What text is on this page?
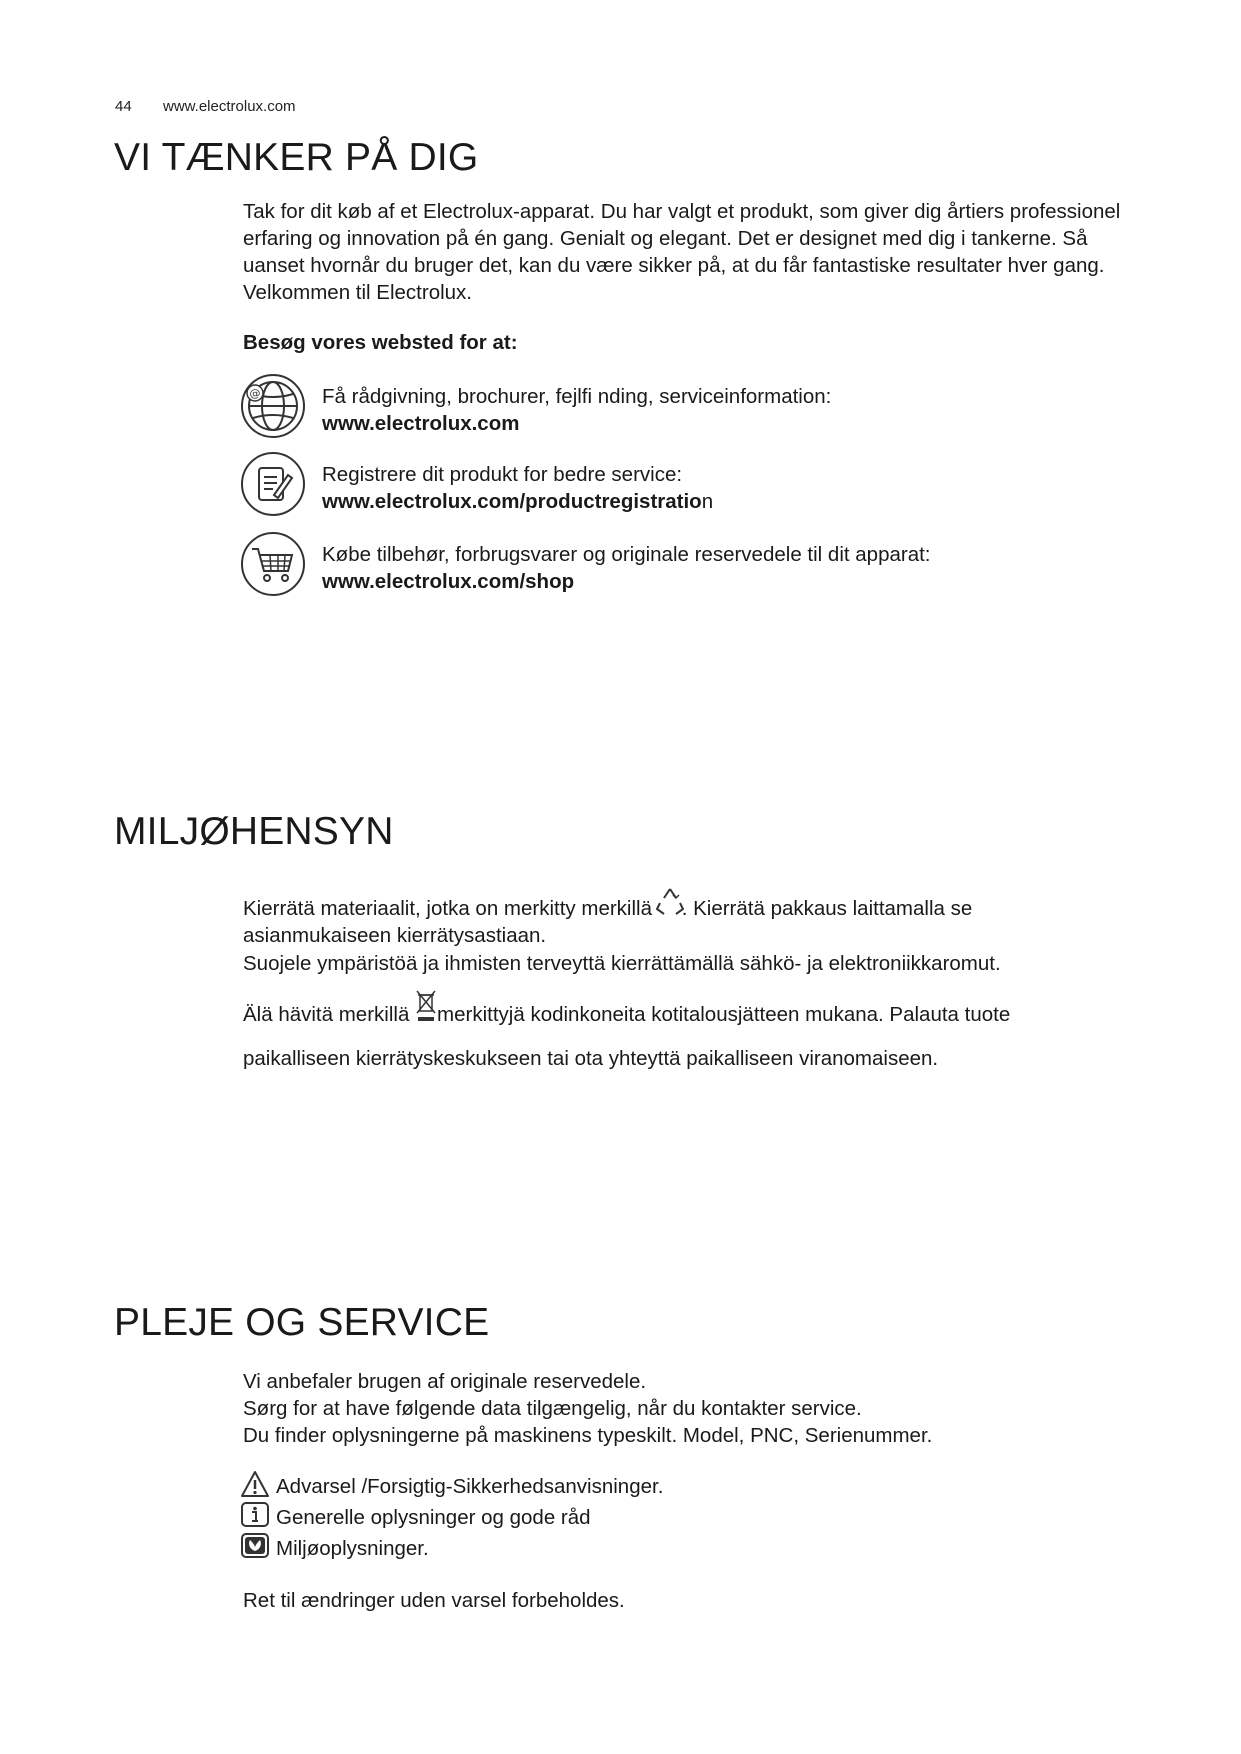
44 www.electrolux.com
VI TÆNKER PÅ DIG
Tak for dit køb af et Electrolux-apparat. Du har valgt et produkt, som giver dig årtiers professionel erfaring og innovation på én gang. Genialt og elegant. Det er designet med dig i tankerne. Så uanset hvornår du bruger det, kan du være sikker på, at du får fantastiske resultater hver gang. Velkommen til Electrolux.
Besøg vores websted for at:
@	Få rådgivning, brochurer, fejlfi nding, serviceinformation:
www.electrolux.com
Registrere dit produkt for bedre service:
www.electrolux.com/productregistration
Købe tilbehør, forbrugsvarer og originale reservedele til dit apparat:
www.electrolux.com/shop
MILJØHENSYN

Kierrätä materiaalit, jotka on merkitty merkillä . Kierrätä pakkaus laittamalla se

asianmukaiseen kierrätysastiaan.

Suojele ympäristöä ja ihmisten terveyttä kierrättämällä sähkö- ja elektroniikkaromut.

Älä hävitä merkillä merkittyjä kodinkoneita kotitalousjätteen mukana. Palauta tuote

paikalliseen kierrätyskeskukseen tai ota yhteyttä paikalliseen viranomaiseen.

PLEJE OG SERVICE

Vi anbefaler brugen af originale reservedele.

Sørg for at have følgende data tilgængelig, når du kontakter service.

Du finder oplysningerne på maskinens typeskilt. Model, PNC, Serienummer.

Advarsel /Forsigtig-Sikkerhedsanvisninger.
Generelle oplysninger og gode råd
Miljøoplysninger.
Ret til ændringer uden varsel forbeholdes.
